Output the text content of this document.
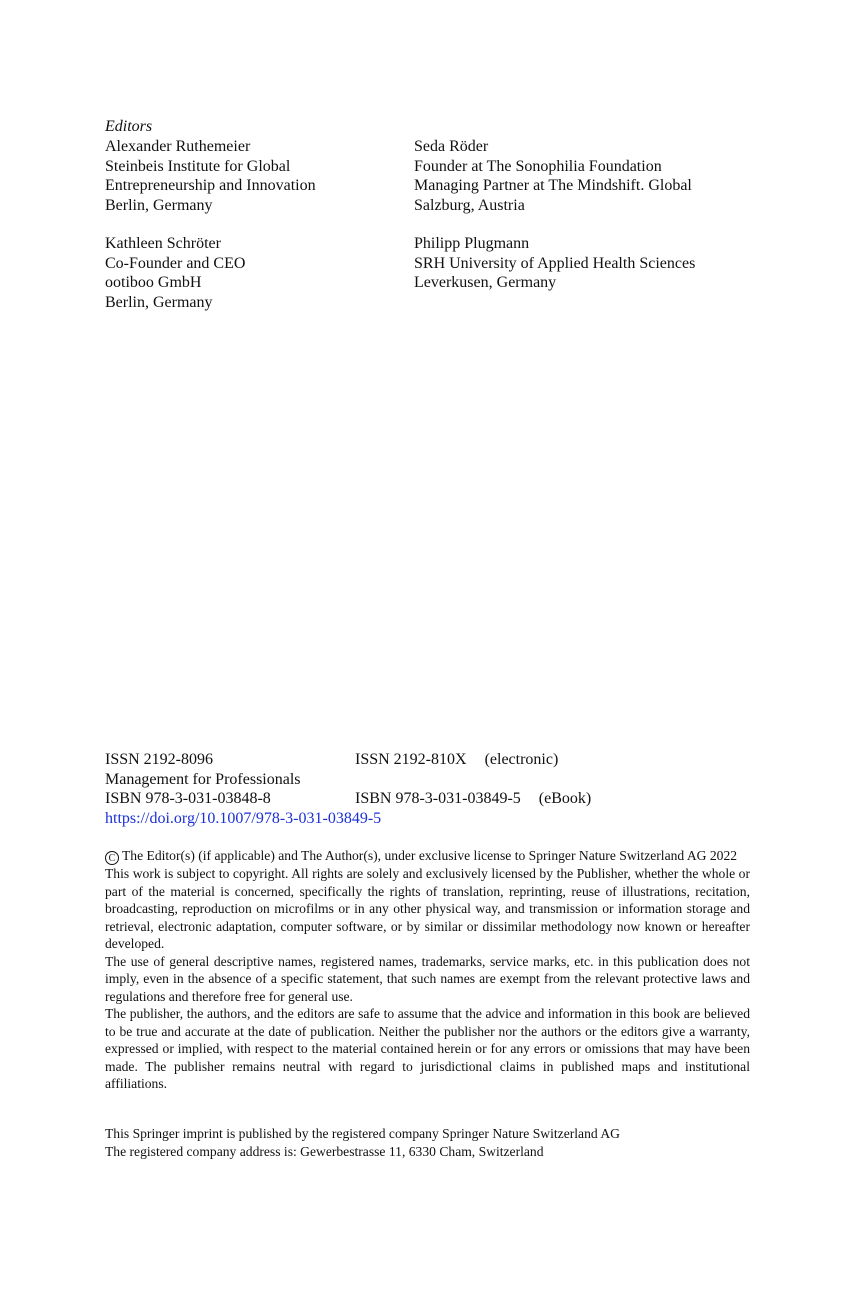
Editors
Alexander Ruthemeier
Steinbeis Institute for Global
Entrepreneurship and Innovation
Berlin, Germany
Seda Röder
Founder at The Sonophilia Foundation
Managing Partner at The Mindshift. Global
Salzburg, Austria
Kathleen Schröter
Co-Founder and CEO
ootiboo GmbH
Berlin, Germany
Philipp Plugmann
SRH University of Applied Health Sciences
Leverkusen, Germany
ISSN 2192-8096	ISSN 2192-810X (electronic)
Management for Professionals
ISBN 978-3-031-03848-8	ISBN 978-3-031-03849-5 (eBook)
https://doi.org/10.1007/978-3-031-03849-5

C The Editor(s) (if applicable) and The Author(s), under exclusive license to Springer Nature Switzerland AG 2022

This work is subject to copyright. All rights are solely and exclusively licensed by the Publisher, whether the whole or part of the material is concerned, specifically the rights of translation, reprinting, reuse of illustrations, recitation, broadcasting, reproduction on microfilms or in any other physical way, and transmission or information storage and retrieval, electronic adaptation, computer software, or by similar or dissimilar methodology now known or hereafter developed.

The use of general descriptive names, registered names, trademarks, service marks, etc. in this publication does not imply, even in the absence of a specific statement, that such names are exempt from the relevant protective laws and regulations and therefore free for general use.

The publisher, the authors, and the editors are safe to assume that the advice and information in this book are believed to be true and accurate at the date of publication. Neither the publisher nor the authors or the editors give a warranty, expressed or implied, with respect to the material contained herein or for any errors or omissions that may have been made. The publisher remains neutral with regard to jurisdictional claims in published maps and institutional affiliations.

This Springer imprint is published by the registered company Springer Nature Switzerland AG
The registered company address is: Gewerbestrasse 11, 6330 Cham, Switzerland
